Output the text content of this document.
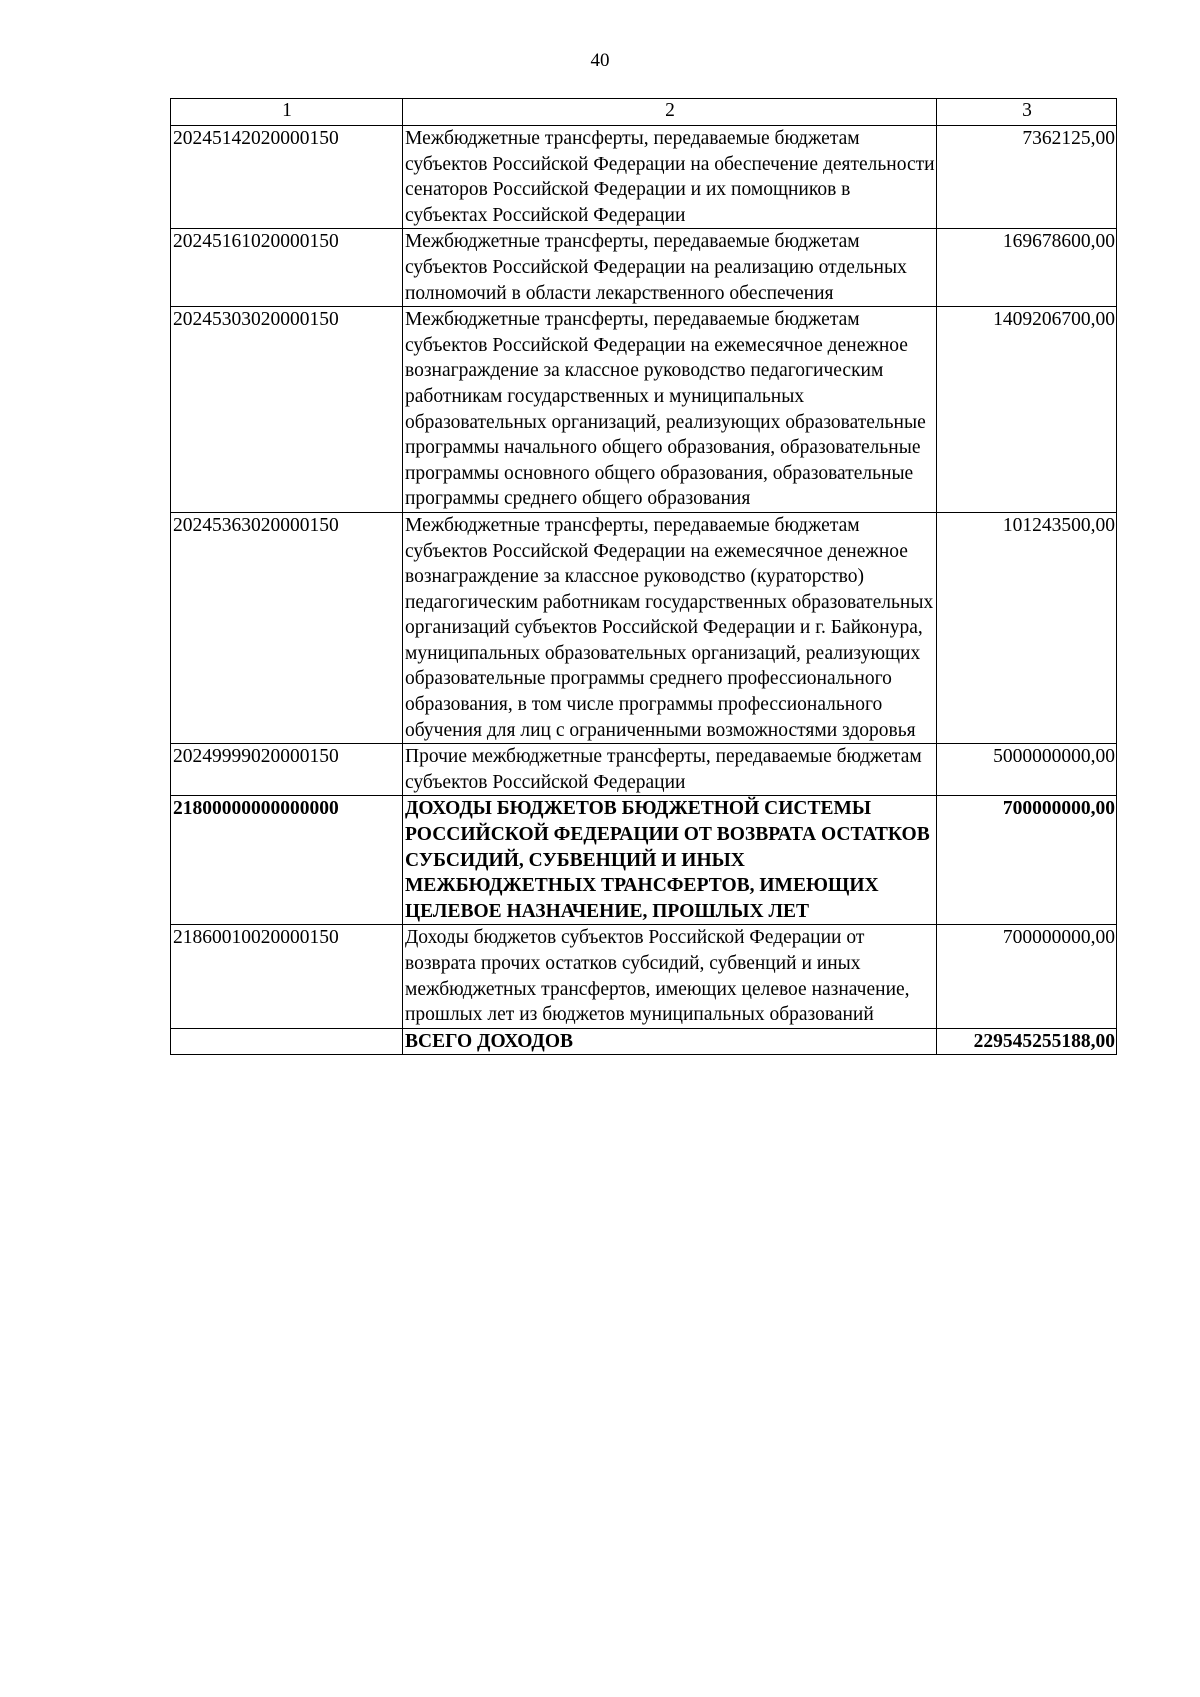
40
1	2	3
20245142020000150	Межбюджетные трансферты, передаваемые бюджетам субъектов Российской Федерации на обеспечение деятельности сенаторов Российской Федерации и их помощников в субъектах Российской Федерации	7362125,00
20245161020000150	Межбюджетные трансферты, передаваемые бюджетам субъектов Российской Федерации на реализацию отдельных полномочий в области лекарственного обеспечения	169678600,00
20245303020000150	Межбюджетные трансферты, передаваемые бюджетам субъектов Российской Федерации на ежемесячное денежное вознаграждение за классное руководство педагогическим работникам государственных и муниципальных образовательных организаций, реализующих образовательные программы начального общего образования, образовательные программы основного общего образования, образовательные программы среднего общего образования	1409206700,00
20245363020000150	Межбюджетные трансферты, передаваемые бюджетам субъектов Российской Федерации на ежемесячное денежное вознаграждение за классное руководство (кураторство) педагогическим работникам государственных образовательных организаций субъектов Российской Федерации и г. Байконура, муниципальных образовательных организаций, реализующих образовательные программы среднего профессионального образования, в том числе программы профессионального обучения для лиц с ограниченными возможностями здоровья	101243500,00
20249999020000150	Прочие межбюджетные трансферты, передаваемые бюджетам субъектов Российской Федерации	5000000000,00
21800000000000000	ДОХОДЫ БЮДЖЕТОВ БЮДЖЕТНОЙ СИСТЕМЫ РОССИЙСКОЙ ФЕДЕРАЦИИ ОТ ВОЗВРАТА ОСТАТКОВ СУБСИДИЙ, СУБВЕНЦИЙ И ИНЫХ МЕЖБЮДЖЕТНЫХ ТРАНСФЕРТОВ, ИМЕЮЩИХ ЦЕЛЕВОЕ НАЗНАЧЕНИЕ, ПРОШЛЫХ ЛЕТ	700000000,00
21860010020000150	Доходы бюджетов субъектов Российской Федерации от возврата прочих остатков субсидий, субвенций и иных межбюджетных трансфертов, имеющих целевое назначение, прошлых лет из бюджетов муниципальных образований	700000000,00
	ВСЕГО ДОХОДОВ	229545255188,00
